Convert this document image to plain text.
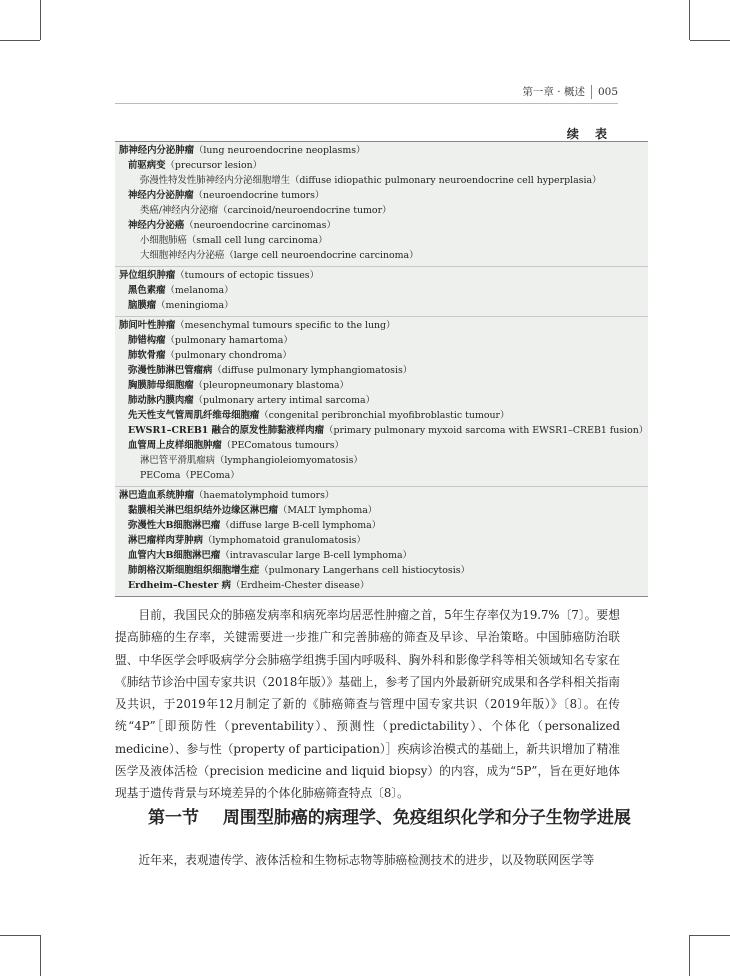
第一章 · 概述 005
续 表
肺神经内分泌肿瘤（lung neuroendocrine neoplasms）
前驱病变（precursor lesion）
弥漫性特发性肺神经内分泌细胞增生（diffuse idiopathic pulmonary neuroendocrine cell hyperplasia）
神经内分泌肿瘤（neuroendocrine tumors）
类癌/神经内分泌瘤（carcinoid/neuroendocrine tumor）
神经内分泌癌（neuroendocrine carcinomas）
小细胞肺癌（small cell lung carcinoma）
大细胞神经内分泌癌（large cell neuroendocrine carcinoma）

异位组织肿瘤（tumours of ectopic tissues）
黑色素瘤（melanoma）
脑膜瘤（meningioma）

肺间叶性肿瘤（mesenchymal tumours specific to the lung）
肺错构瘤（pulmonary hamartoma）
肺软骨瘤（pulmonary chondroma）
弥漫性肺淋巴管瘤病（diffuse pulmonary lymphangiomatosis）
胸膜肺母细胞瘤（pleuropneumonary blastoma）
肺动脉内膜肉瘤（pulmonary artery intimal sarcoma）
先天性支气管周肌纤维母细胞瘤（congenital peribronchial myofibroblastic tumour）
EWSR1–CREB1 融合的原发性肺黏液样肉瘤（primary pulmonary myxoid sarcoma with EWSR1–CREB1 fusion）
血管周上皮样细胞肿瘤（PEComatous tumours）
淋巴管平滑肌瘤病（lymphangioleiomyomatosis）
PEComa（PEComa）

淋巴造血系统肿瘤（haematolymphoid tumors）
黏膜相关淋巴组织结外边缘区淋巴瘤（MALT lymphoma）
弥漫性大B细胞淋巴瘤（diffuse large B-cell lymphoma）
淋巴瘤样肉芽肿病（lymphomatoid granulomatosis）
血管内大B细胞淋巴瘤（intravascular large B-cell lymphoma）
肺朗格汉斯细胞组织细胞增生症（pulmonary Langerhans cell histiocytosis）
Erdheim–Chester 病（Erdheim-Chester disease）

目前，我国民众的肺癌发病率和病死率均居恶性肿瘤之首，5年生存率仅为19.7%〔7〕。要想提高肺癌的生存率，关键需要进一步推广和完善肺癌的筛查及早诊、早治策略。中国肺癌防治联盟、中华医学会呼吸病学分会肺癌学组携手国内呼吸科、胸外科和影像学科等相关领域知名专家在《肺结节诊治中国专家共识（2018年版）》基础上，参考了国内外最新研究成果和各学科相关指南及共识，于2019年12月制定了新的《肺癌筛查与管理中国专家共识（2019年版）》〔8〕。在传统“4P”［即预防性（preventability）、预测性（predictability）、个体化（personalized medicine）、参与性（property of participation）］疾病诊治模式的基础上，新共识增加了精准医学及液体活检（precision medicine and liquid biopsy）的内容，成为“5P”，旨在更好地体现基于遗传背景与环境差异的个体化肺癌筛查特点〔8〕。

第一节 周围型肺癌的病理学、免疫组织化学和分子生物学进展

近年来，表观遗传学、液体活检和生物标志物等肺癌检测技术的进步，以及物联网医学等
